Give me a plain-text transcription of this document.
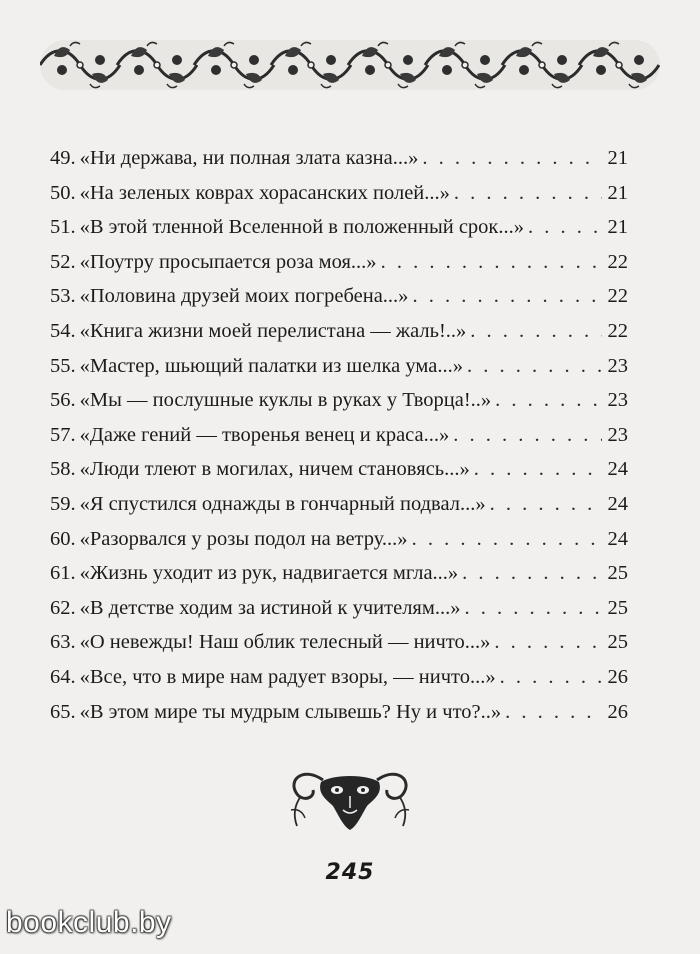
49. «Ни держава, ни полная злата казна...» . . .	21
50. «На зеленых коврах хорасанских полей...» . . .	21
51. «В этой тленной Вселенной в положенный срок...» . . .	21
52. «Поутру просыпается роза моя...» . . .	22
53. «Половина друзей моих погребена...» . . .	22
54. «Книга жизни моей перелистана — жаль!..» . . .	22
55. «Мастер, шьющий палатки из шелка ума...» . . .	23
56. «Мы — послушные куклы в руках у Творца!..» . . .	23
57. «Даже гений — творенья венец и краса...» . . .	23
58. «Люди тлеют в могилах, ничем становясь...» . . .	24
59. «Я спустился однажды в гончарный подвал...» . . .	24
60. «Разорвался у розы подол на ветру...» . . .	24
61. «Жизнь уходит из рук, надвигается мгла...» . . .	25
62. «В детстве ходим за истиной к учителям...» . . .	25
63. «О невежды! Наш облик телесный — ничто...» . . .	25
64. «Все, что в мире нам радует взоры, — ничто...» . . .	26
65. «В этом мире ты мудрым слывешь? Ну и что?..» . . .	26
245
bookclub.by
